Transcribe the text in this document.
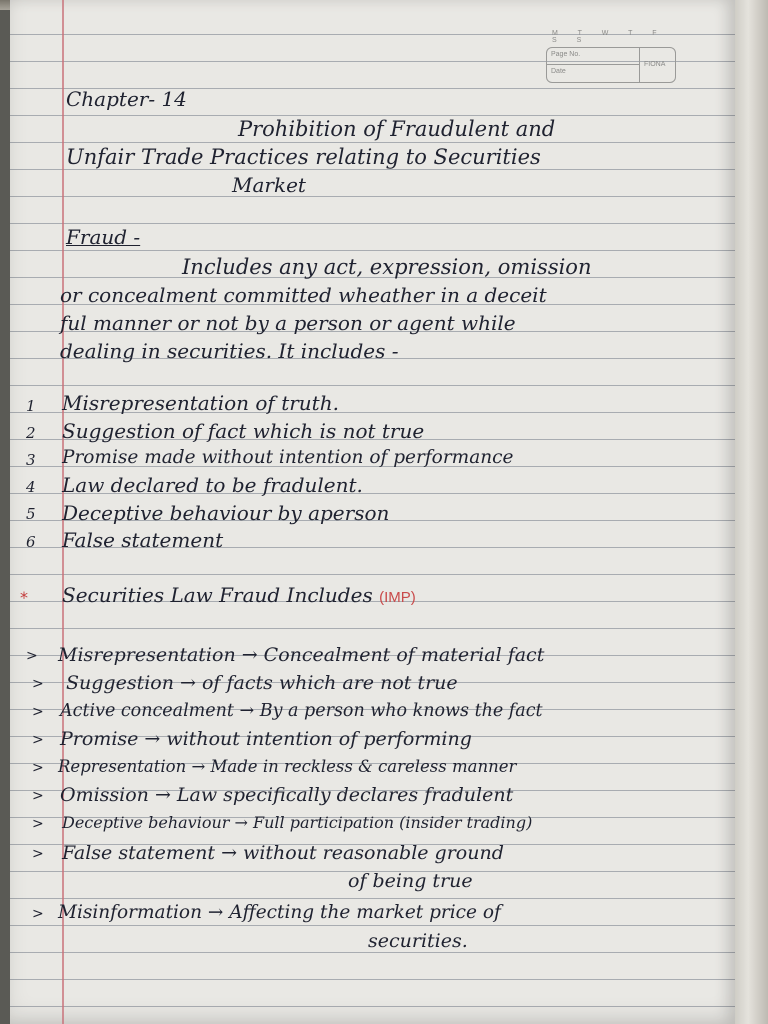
M T W T F S S
Page No.
Date
FIONA
Chapter- 14
Prohibition of Fraudulent and
Unfair Trade Practices relating to Securities
Market
Fraud -
Includes any act, expression, omission
or concealment committed wheather in a deceit
ful manner or not by a person or agent while
dealing in securities. It includes -
1 Misrepresentation of truth.
2 Suggestion of fact which is not true
3 Promise made without intention of performance
4 Law declared to be fradulent.
5 Deceptive behaviour by aperson
6 False statement
* Securities Law Fraud Includes (IMP)
> Misrepresentation → Concealment of material fact
> Suggestion → of facts which are not true
> Active concealment → By a person who knows the fact
> Promise → without intention of performing
> Representation → Made in reckless & careless manner
> Omission → Law specifically declares fradulent
> Deceptive behaviour → Full participation (insider trading)
> False statement → without reasonable ground
of being true
> Misinformation → Affecting the market price of
securities.
